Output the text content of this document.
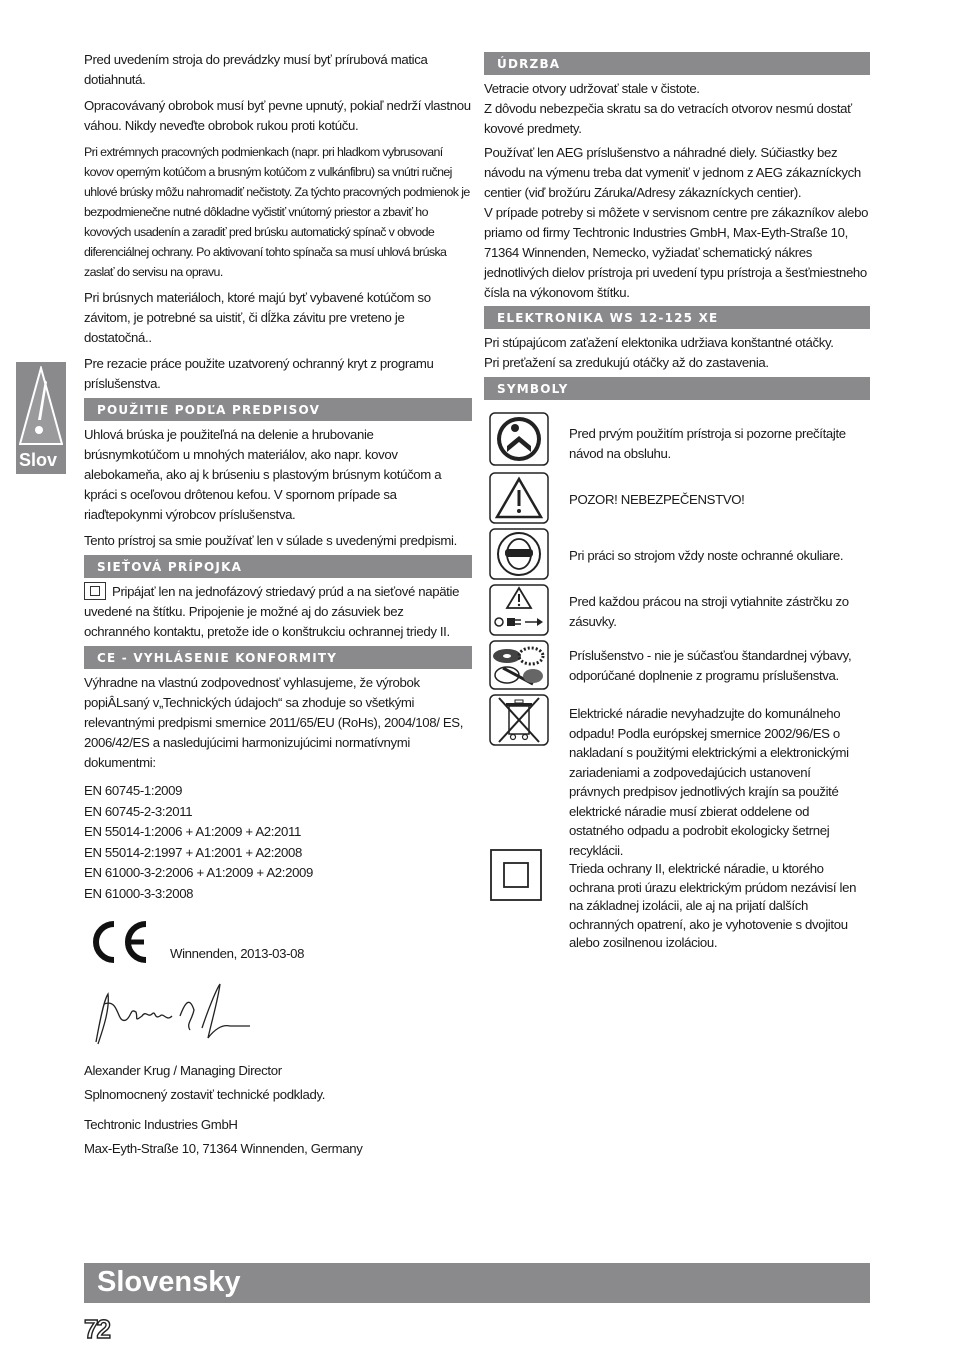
Slov

Pred uvedením stroja do prevádzky musí byť prírubová matica dotiahnutá.

Opracovávaný obrobok musí byť pevne upnutý, pokiaľ nedrží vlastnou váhou. Nikdy neveďte obrobok rukou proti kotúču.

Pri extrémnych pracovných podmienkach (napr. pri hladkom vybrusovaní kovov operným kotúčom a brusným kotúčom z vulkánfibru) sa vnútri ručnej uhlové brúsky môžu nahromadiť nečistoty. Za týchto pracovných podmienok je bezpodmienečne nutné dôkladne vyčistiť vnútorný priestor a zbaviť ho kovových usadenín a zaradiť pred brúsku automatický spínač v obvode diferenciálnej ochrany. Po aktivovaní tohto spínača sa musí uhlová brúska zaslať do servisu na opravu.

Pri brúsnych materiáloch, ktoré majú byť vybavené kotúčom so závitom, je potrebné sa uistiť, či dĺžka závitu pre vreteno je dostatočná..

Pre rezacie práce použite uzatvorený ochranný kryt z programu príslušenstva.

POUŽITIE PODĽA PREDPISOV

Uhlová brúska je použiteľná na delenie a hrubovanie brúsnymkotúčom u mnohých materiálov, ako napr. kovov alebokameňa, ako aj k brúseniu s plastovým brúsnym kotúčom a kpráci s oceľovou drôtenou kefou. V spornom prípade sa riaďtepokynmi výrobcov príslušenstva.

Tento prístroj sa smie používať len v súlade s uvedenými predpismi.

SIEŤOVÁ PRÍPOJKA

Pripájať len na jednofázový striedavý prúd a na sieťové napätie uvedené na štítku. Pripojenie je možné aj do zásuviek bez ochranného kontaktu, pretože ide o konštrukciu ochrannej triedy II.

CE - VYHLÁSENIE KONFORMITY

Výhradne na vlastnú zodpovednosť vyhlasujeme, že výrobok popiÂLsaný v„Technických údajoch“ sa zhoduje so všetkými relevantnými predpismi smernice 2011/65/EU (RoHs), 2004/108/ ES, 2006/42/ES a nasledujúcimi harmonizujúcimi normatívnymi dokumentmi:

EN 60745-1:2009
EN 60745-2-3:2011
EN 55014-1:2006 + A1:2009 + A2:2011
EN 55014-2:1997 + A1:2001 + A2:2008
EN 61000-3-2:2006 + A1:2009 + A2:2009
EN 61000-3-3:2008
Winnenden, 2013-03-08

Alexander Krug / Managing Director

Splnomocnený zostaviť technické podklady.

Techtronic Industries GmbH

Max-Eyth-Straße 10, 71364 Winnenden, Germany

ÚDRZBA

Vetracie otvory udržovať stale v čistote.
Z dôvodu nebezpečia skratu sa do vetracích otvorov nesmú dostať kovové predmety.

Používať len AEG príslušenstvo a náhradné diely. Súčiastky bez návodu na výmenu treba dat vymeniť v jednom z AEG zákazníckych centier (viď brožúru Záruka/Adresy zákazníckych centier).
V prípade potreby si môžete v servisnom centre pre zákazníkov alebo priamo od firmy Techtronic Industries GmbH, Max-Eyth-Straße 10, 71364 Winnenden, Nemecko, vyžiadať schematický nákres jednotlivých dielov prístroja pri uvedení typu prístroja a šesťmiestneho čísla na výkonovom štítku.

ELEKTRONIKA WS 12-125 XE

Pri stúpajúcom zaťažení elektonika udržiava konštantné otáčky.
Pri preťažení sa zredukujú otáčky až do zastavenia.

SYMBOLY
Pred prvým použitím prístroja si pozorne prečítajte návod na obsluhu.
POZOR! NEBEZPEČENSTVO!
Pri práci so strojom vždy noste ochranné okuliare.
Pred každou prácou na stroji vytiahnite zástrčku zo zásuvky.
Príslušenstvo - nie je súčasťou štandardnej výbavy, odporúčané doplnenie z programu príslušenstva.
Elektrické náradie nevyhadzujte do komunálneho odpadu! Podla európskej smernice 2002/96/ES o nakladaní s použitými elektrickými a elektronickými zariadeniami a zodpovedajúcich ustanovení právnych predpisov jednotlivých krajín sa použité elektrické náradie musí zbierat oddelene od ostatného odpadu a podrobit ekologicky šetrnej recyklácii.
Trieda ochrany II, elektrické náradie, u ktorého ochrana proti úrazu elektrickým prúdom nezávisí len na základnej izolácii, ale aj na prijatí dalších ochranných opatrení, ako je vyhotovenie s dvojitou alebo zosilnenou izoláciou.
Slovensky
72
